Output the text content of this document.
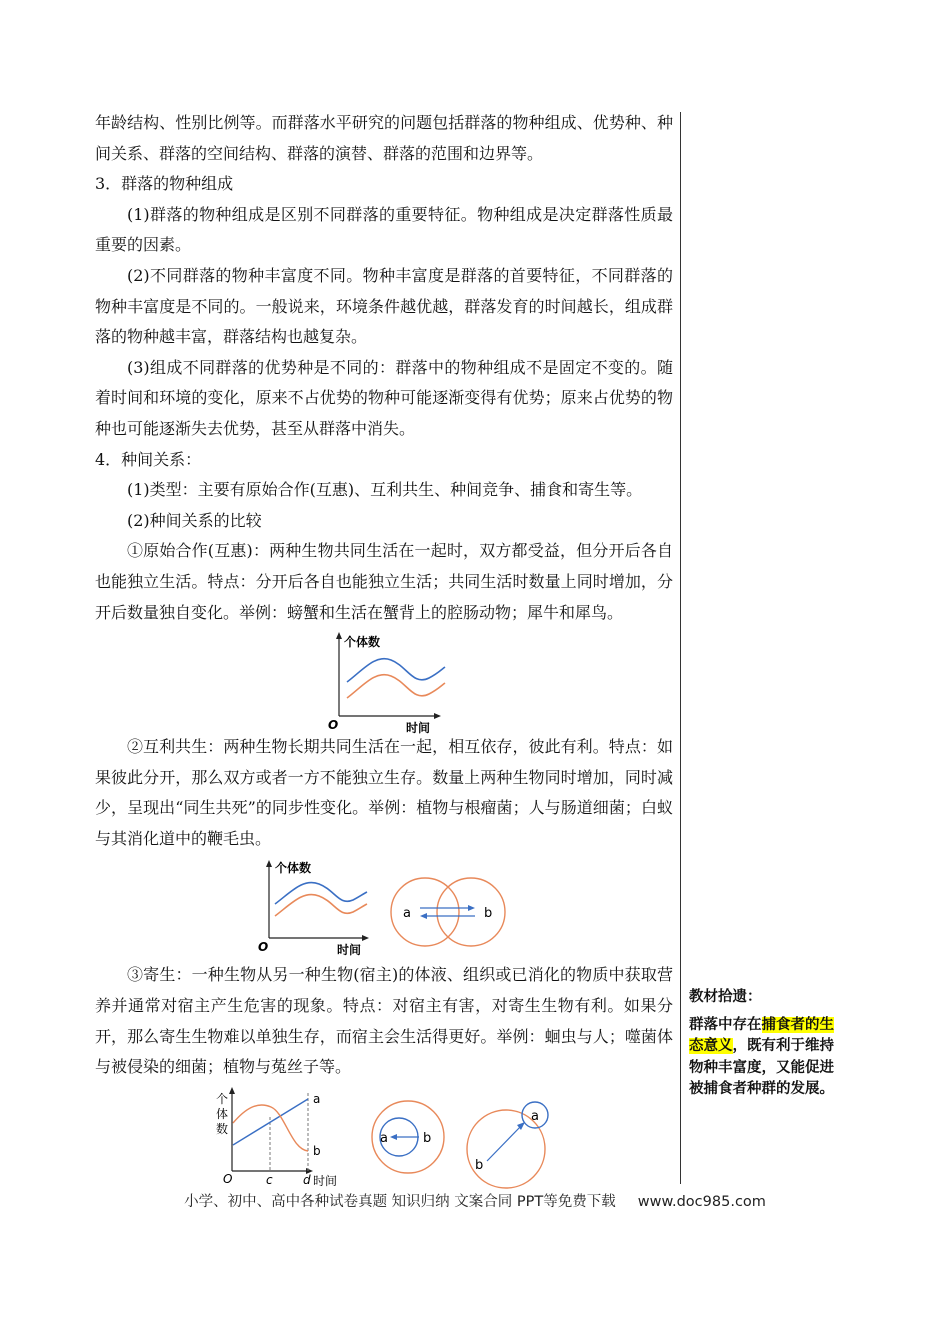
年龄结构、性别比例等。而群落水平研究的问题包括群落的物种组成、优势种、种间关系、群落的空间结构、群落的演替、群落的范围和边界等。

3．群落的物种组成

(1)群落的物种组成是区别不同群落的重要特征。物种组成是决定群落性质最重要的因素。

(2)不同群落的物种丰富度不同。物种丰富度是群落的首要特征，不同群落的物种丰富度是不同的。一般说来，环境条件越优越，群落发育的时间越长，组成群落的物种越丰富，群落结构也越复杂。

(3)组成不同群落的优势种是不同的：群落中的物种组成不是固定不变的。随着时间和环境的变化，原来不占优势的物种可能逐渐变得有优势；原来占优势的物种也可能逐渐失去优势，甚至从群落中消失。

4．种间关系：

(1)类型：主要有原始合作(互惠)、互利共生、种间竞争、捕食和寄生等。

(2)种间关系的比较

①原始合作(互惠)：两种生物共同生活在一起时，双方都受益，但分开后各自也能独立生活。特点：分开后各自也能独立生活；共同生活时数量上同时增加，分开后数量独自变化。举例：螃蟹和生活在蟹背上的腔肠动物；犀牛和犀鸟。

个体数
O	时间

②互利共生：两种生物长期共同生活在一起，相互依存，彼此有利。特点：如果彼此分开，那么双方或者一方不能独立生存。数量上两种生物同时增加，同时减少，呈现出“同生共死”的同步性变化。举例：植物与根瘤菌；人与肠道细菌；白蚁与其消化道中的鞭毛虫。

个体数
O	时间
a	b

③寄生：一种生物从另一种生物(宿主)的体液、组织或已消化的物质中获取营养并通常对宿主产生危害的现象。特点：对宿主有害，对寄生生物有利。如果分开，那么寄生生物难以单独生存，而宿主会生活得更好。举例：蛔虫与人；噬菌体与被侵染的细菌；植物与菟丝子等。

个
体
数
O	c	d 时间
a
b
a	b
a
b
教材拾遗：
群落中存在捕食者的生态意义，既有利于维持物种丰富度，又能促进被捕食者种群的发展。
小学、初中、高中各种试卷真题 知识归纳 文案合同 PPT等免费下载 www.doc985.com
